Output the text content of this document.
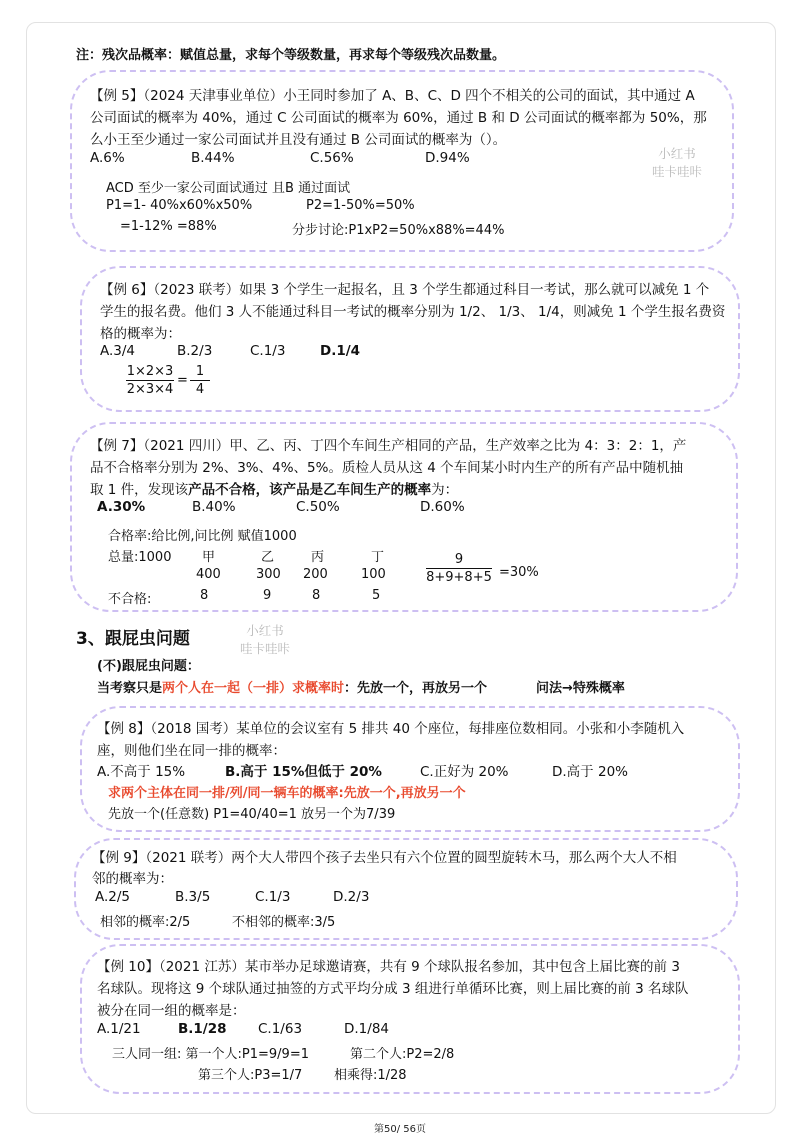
注：残次品概率：赋值总量，求每个等级数量，再求每个等级残次品数量。
【例 5】（2024 天津事业单位）小王同时参加了 A、B、C、D 四个不相关的公司的面试，其中通过 A
公司面试的概率为 40%，通过 C 公司面试的概率为 60%，通过 B 和 D 公司面试的概率都为 50%，那
么小王至少通过一家公司面试并且没有通过 B 公司面试的概率为（）。
A.6%	B.44%	C.56%	D.94%	小红书
哇卡哇咔
ACD 至少一家公司面试通过 且B 通过面试
P1=1- 40%x60%x50%	P2=1-50%=50%
=1-12% =88%	分步讨论:P1xP2=50%x88%=44%
【例 6】（2023 联考）如果 3 个学生一起报名，且 3 个学生都通过科目一考试，那么就可以减免 1 个
学生的报名费。他们 3 人不能通过科目一考试的概率分别为 1/2、 1/3、 1/4，则减免 1 个学生报名费资
格的概率为：
A.3/4	B.2/3	C.1/3	D.1/4
1×2×3
2×3×4
=
1
4
【例 7】（2021 四川）甲、乙、丙、丁四个车间生产相同的产品，生产效率之比为 4：3：2：1，产
品不合格率分别为 2%、3%、4%、5%。质检人员从这 4 个车间某小时内生产的所有产品中随机抽
取 1 件，发现该产品不合格，该产品是乙车间生产的概率为：
A.30%	B.40%	C.50%	D.60%
合格率:给比例,问比例 赋值1000
总量:1000 甲	乙	丙	丁
400	300 200	100
不合格:	8	9	8	5
9
8+9+8+5 =30%
3、跟屁虫问题	小红书
哇卡哇咔
(不)跟屁虫问题：
当考察只是两个人在一起（一排）求概率时：先放一个，再放另一个	问法→特殊概率
【例 8】（2018 国考）某单位的会议室有 5 排共 40 个座位，每排座位数相同。小张和小李随机入
座，则他们坐在同一排的概率：
A.不高于 15%	B.高于 15%但低于 20%	C.正好为 20%	D.高于 20%
求两个主体在同一排/列/同一辆车的概率:先放一个,再放另一个
先放一个(任意数) P1=40/40=1 放另一个为7/39
【例 9】（2021 联考）两个大人带四个孩子去坐只有六个位置的圆型旋转木马，那么两个大人不相
邻的概率为：
A.2/5	B.3/5	C.1/3	D.2/3
相邻的概率:2/5	不相邻的概率:3/5
【例 10】（2021 江苏）某市举办足球邀请赛，共有 9 个球队报名参加，其中包含上届比赛的前 3
名球队。现将这 9 个球队通过抽签的方式平均分成 3 组进行单循环比赛，则上届比赛的前 3 名球队
被分在同一组的概率是：
A.1/21	B.1/28 C.1/63	D.1/84
三人同一组: 第一个人:P1=9/9=1	第二个人:P2=2/8
第三个人:P3=1/7 相乘得:1/28
第50/ 56页
